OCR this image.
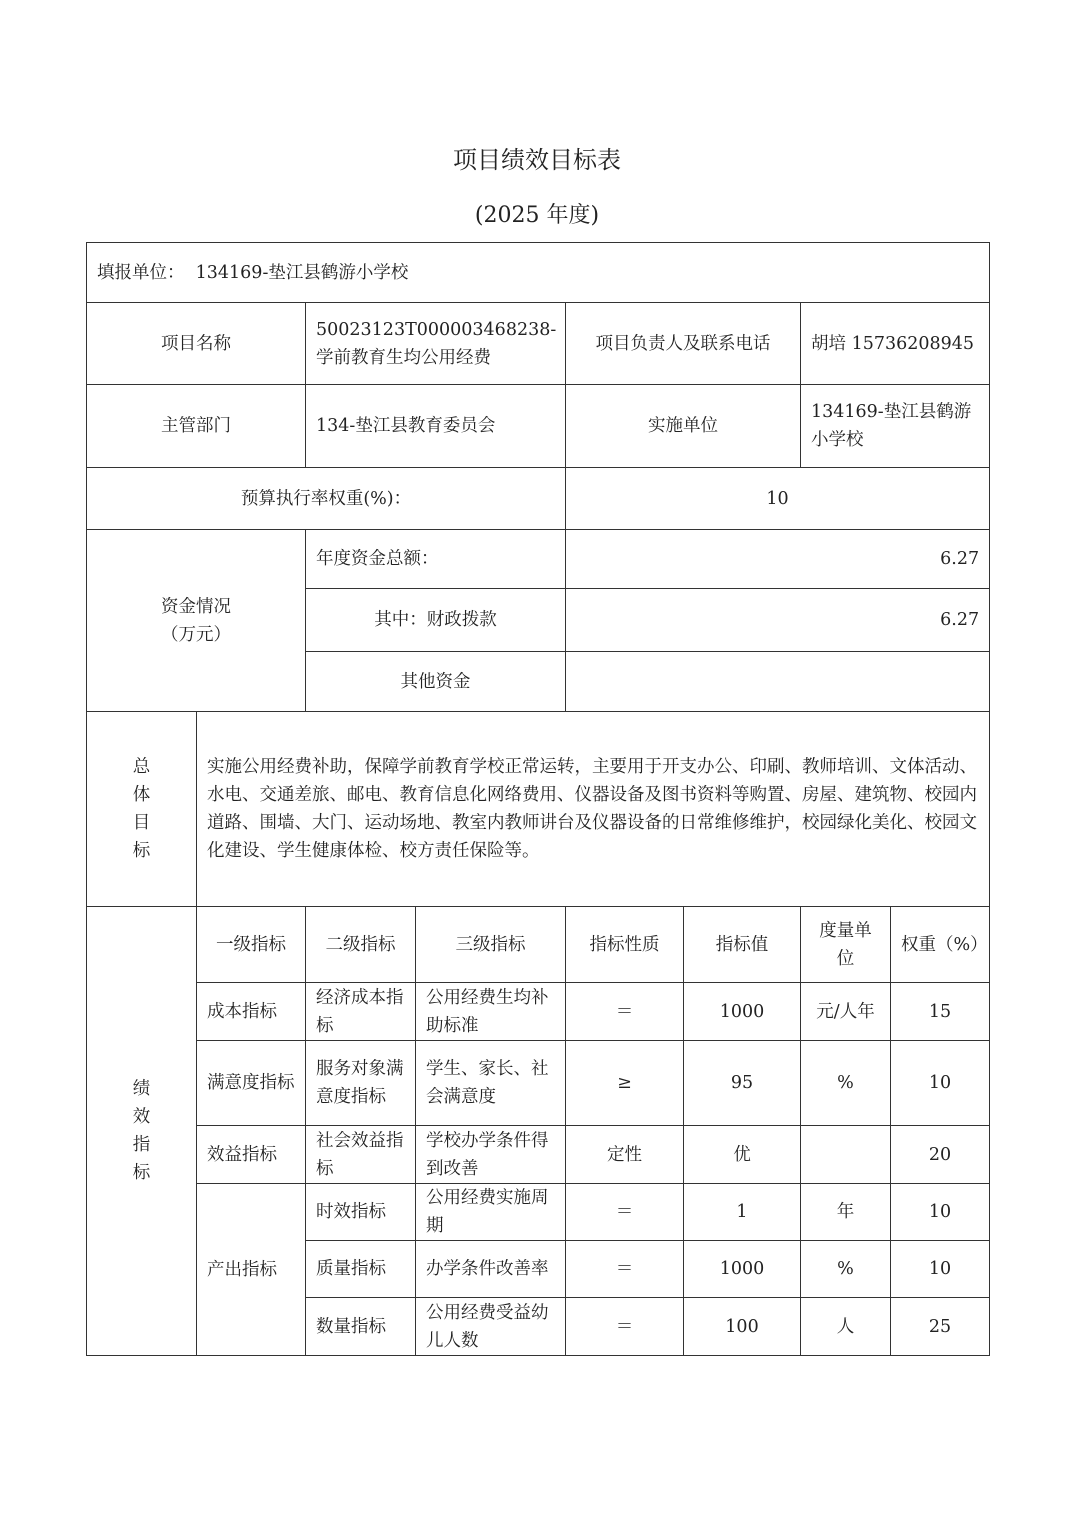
项目绩效目标表
(2025 年度)
填报单位： 134169-垫江县鹤游小学校							
项目名称		50023123T000003468238-学前教育生均公用经费		项目负责人及联系电话		胡培 15736208945	
主管部门		134-垫江县教育委员会		实施单位		134169-垫江县鹤游小学校	
预算执行率权重(%)：				10			

资金情况
（万元）		年度资金总额：		6.27			
		其中：财政拨款		6.27			
		其他资金					

总
体
目
标	实施公用经费补助，保障学前教育学校正常运转，主要用于开支办公、印刷、教师培训、文体活动、水电、交通差旅、邮电、教育信息化网络费用、仪器设备及图书资料等购置、房屋、建筑物、校园内道路、围墙、大门、运动场地、教室内教师讲台及仪器设备的日常维修维护，校园绿化美化、校园文化建设、学生健康体检、校方责任保险等。						

绩
效
指
标	一级指标	二级指标	三级指标	指标性质	指标值	度量单位	权重（%）
	成本指标	经济成本指标	公用经费生均补助标准	＝	1000	元/人年	15
	满意度指标	服务对象满意度指标	学生、家长、社会满意度	≥	95	%	10
	效益指标	社会效益指标	学校办学条件得到改善	定性	优		20
	产出指标	时效指标	公用经费实施周期	＝	1	年	10
		质量指标	办学条件改善率	＝	1000	%	10
		数量指标	公用经费受益幼儿人数	＝	100	人	25
